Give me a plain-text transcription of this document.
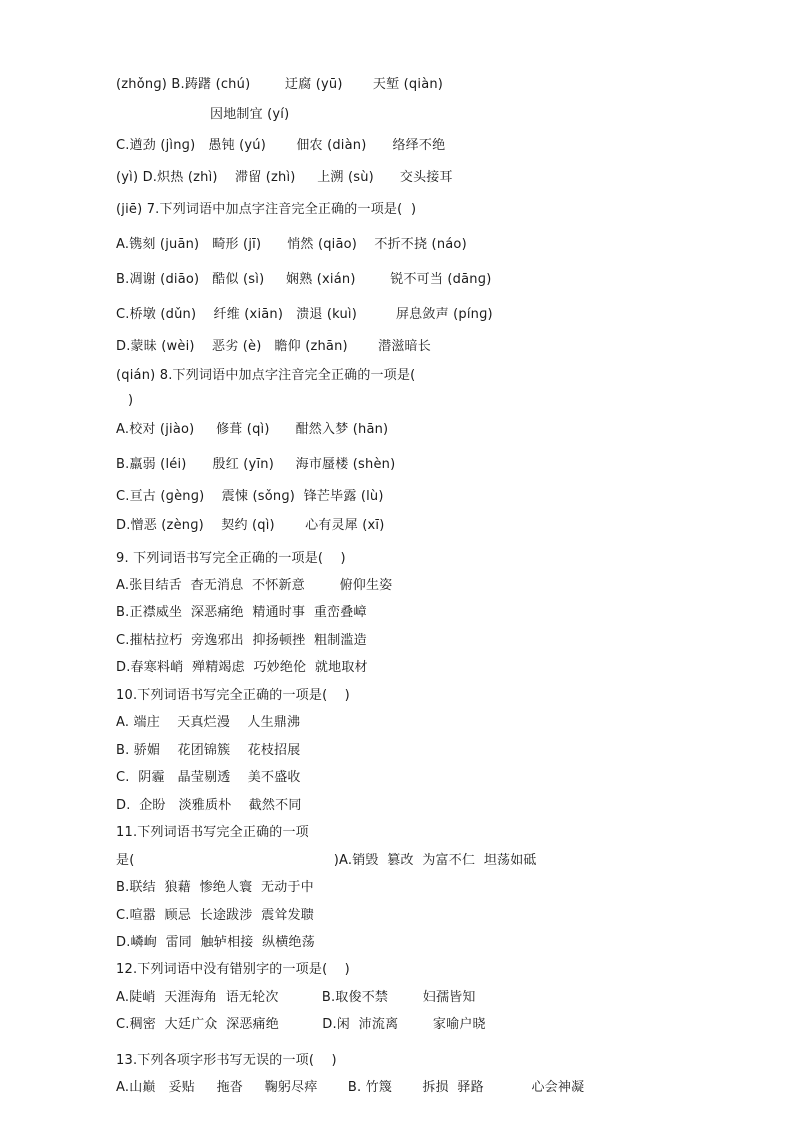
(zhǒnɡ) B.踌躇 (chú)        迂腐 (yū)       天堑 (qiàn)

因地制宜 (yí)

C.遒劲 (jìnɡ)   愚钝 (yú)       佃农 (diàn)      络绎不绝

(yì) D.炽热 (zhì)    滞留 (zhì)     上溯 (sù)      交头接耳

(jiē) 7.下列词语中加点字注音完全正确的一项是(  )

A.镌刻 (juān)   畸形 (jī)      悄然 (qiāo)    不折不挠 (náo)

B.凋谢 (diāo)   酷似 (sì)     娴熟 (xián)        锐不可当 (dānɡ)

C.桥墩 (dǔn)    纤维 (xiān)   溃退 (kuì)         屏息敛声 (pínɡ)

D.蒙昧 (wèi)    恶劣 (è)   瞻仰 (zhān)       潜滋暗长

(qián) 8.下列词语中加点字注音完全正确的一项是(

)

A.校对 (jiào)     修葺 (qì)      酣然入梦 (hān)

B.羸弱 (léi)      殷红 (yīn)     海市蜃楼 (shèn)

C.亘古 (ɡènɡ)    震悚 (sǒnɡ)  锋芒毕露 (lù)

D.憎恶 (zènɡ)    契约 (qì)       心有灵犀 (xī)

9. 下列词语书写完全正确的一项是(    )

A.张目结舌  杳无消息  不怀新意        俯仰生姿

B.正襟威坐  深恶痛绝  精通时事  重峦叠嶂

C.摧枯拉朽  旁逸邪出  抑扬顿挫  粗制滥造

D.春寒料峭  殚精竭虑  巧妙绝伦  就地取材

10.下列词语书写完全正确的一项是(    )

A. 端庄    天真烂漫    人生鼎沸

B. 骄媚    花团锦簇    花枝招展

C.  阴霾   晶莹剔透    美不盛收

D.  企盼   淡雅质朴    截然不同

11.下列词语书写完全正确的一项

是(                                              )A.销毁  篡改  为富不仁  坦荡如砥

B.联结  狼藉  惨绝人寰  无动于中

C.喧嚣  顾忌  长途跋涉  震耸发聩

D.嶙峋  雷同  触轳相接  纵横绝荡

12.下列词语中没有错别字的一项是(    )

A.陡峭  天涯海角  语无轮次          B.取俊不禁        妇孺皆知

C.稠密  大廷广众  深恶痛绝          D.闲  沛流离        家喻户晓

13.下列各项字形书写无误的一项(    )

A.山巅   妥贴     拖沓     鞠躬尽瘁       B. 竹篾       拆损  驿路           心会神凝
